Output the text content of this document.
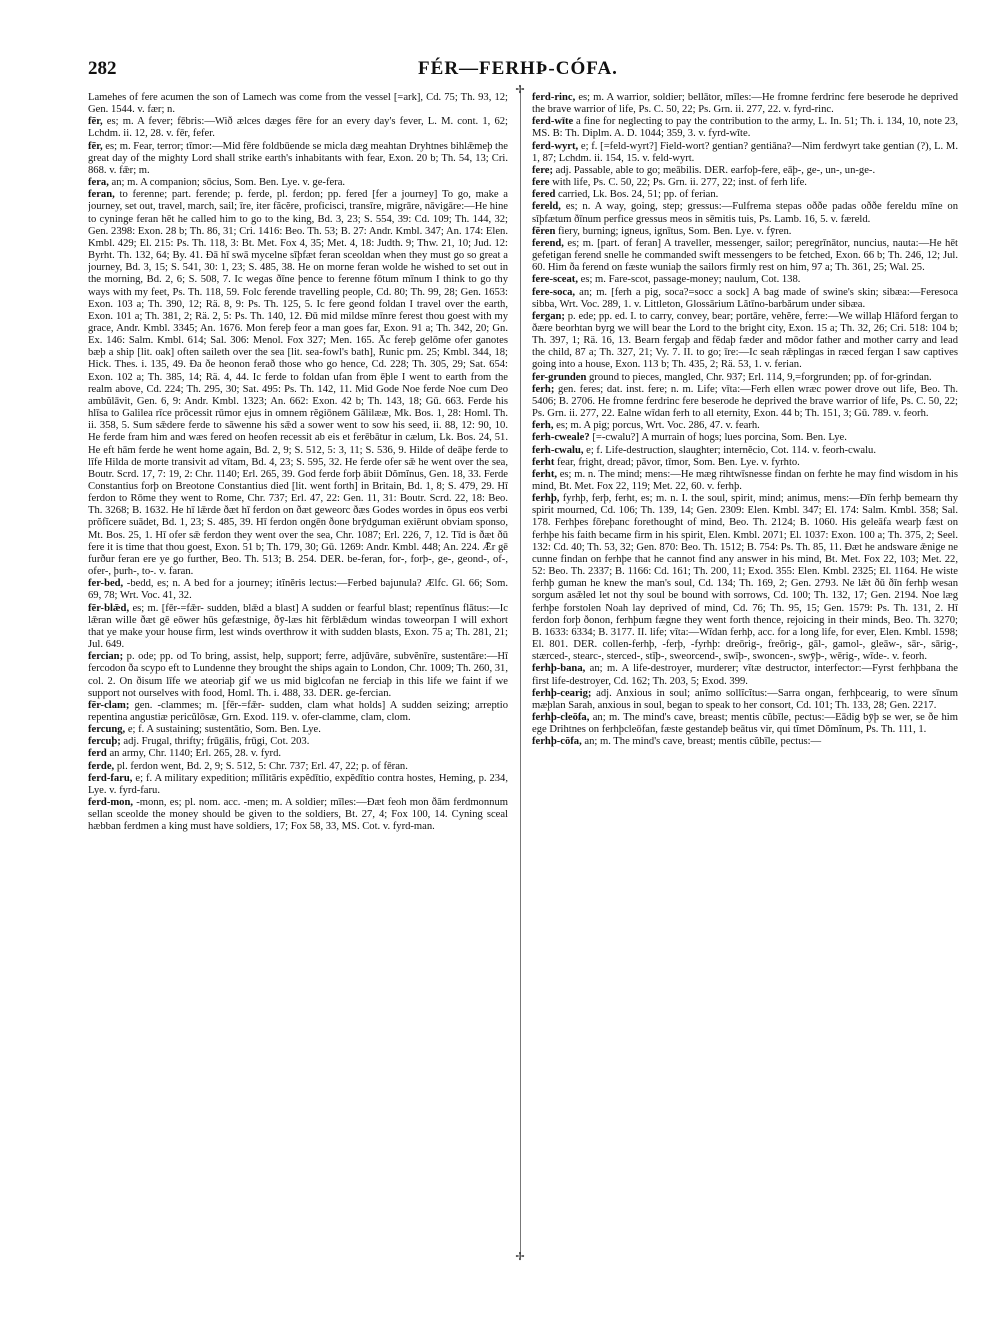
282	FÉR—FERHÞ-CÓFA.
✢
✢

Lamehes of fere acumen the son of Lamech was come from the vessel [=ark], Cd. 75; Th. 93, 12; Gen. 1544. v. fær; n.

fēr, es; m. A fever; fēbris:—Wið ælces dæges fēre for an every day's fever, L. M. cont. 1, 62; Lchdm. ii. 12, 28. v. fēr, fefer.

fēr, es; m. Fear, terror; tīmor:—Mid fēre foldbūende se micla dæg meahtan Dryhtnes bihlǣmeþ the great day of the mighty Lord shall strike earth's inhabitants with fear, Exon. 20 b; Th. 54, 13; Cri. 868. v. fǣr; m.

fera, an; m. A companion; sōcius, Som. Ben. Lye. v. ge-fera.

feran, to ferenne; part. ferende; p. ferde, pl. ferdon; pp. fered [fer a journey] To go, make a journey, set out, travel, march, sail; īre, iter făcĕre, proficisci, transīre, migrāre, nāvigāre:—He hine to cyninge feran hēt he called him to go to the king, Bd. 3, 23; S. 554, 39: Cd. 109; Th. 144, 32; Gen. 2398: Exon. 28 b; Th. 86, 31; Cri. 1416: Beo. Th. 53; B. 27: Andr. Kmbl. 347; An. 174: Elen. Kmbl. 429; El. 215: Ps. Th. 118, 3: Bt. Met. Fox 4, 35; Met. 4, 18: Judth. 9; Thw. 21, 10; Jud. 12: Byrht. Th. 132, 64; By. 41. Ðā hī swā mycelne sīþfæt feran sceoldan when they must go so great a journey, Bd. 3, 15; S. 541, 30: 1, 23; S. 485, 38. He on morne feran wolde he wished to set out in the morning, Bd. 2, 6; S. 508, 7. Ic wegas ðīne þence to ferenne fōtum mīnum I think to go thy ways with my feet, Ps. Th. 118, 59. Folc ferende travelling people, Cd. 80; Th. 99, 28; Gen. 1653: Exon. 103 a; Th. 390, 12; Rä. 8, 9: Ps. Th. 125, 5. Ic fere geond foldan I travel over the earth, Exon. 101 a; Th. 381, 2; Rä. 2, 5: Ps. Th. 140, 12. Ðū mid mildse mīnre ferest thou goest with my grace, Andr. Kmbl. 3345; An. 1676. Mon fereþ feor a man goes far, Exon. 91 a; Th. 342, 20; Gn. Ex. 146: Salm. Kmbl. 614; Sal. 306: Menol. Fox 327; Men. 165. Āc fereþ gelōme ofer ganotes bæþ a ship [lit. oak] often saileth over the sea [lit. sea-fowl's bath], Runic pm. 25; Kmbl. 344, 18; Hick. Thes. i. 135, 49. Ða ðe heonon ferað those who go hence, Cd. 228; Th. 305, 29; Sat. 654: Exon. 102 a; Th. 385, 14; Rä. 4, 44. Ic ferde to foldan ufan from ēþle I went to earth from the realm above, Cd. 224; Th. 295, 30; Sat. 495: Ps. Th. 142, 11. Mid Gode Noe ferde Noe cum Deo ambŭlāvit, Gen. 6, 9: Andr. Kmbl. 1323; An. 662: Exon. 42 b; Th. 143, 18; Gū. 663. Ferde his hlīsa to Galilea rīce prōcessit rūmor ejus in omnem rĕgiōnem Gălilææ, Mk. Bos. 1, 28: Homl. Th. ii. 358, 5. Sum sǣdere ferde to sāwenne his sǣd a sower went to sow his seed, ii. 88, 12: 90, 10. He ferde fram him and wæs fered on heofen recessit ab eis et ferēbātur in cælum, Lk. Bos. 24, 51. He eft hām ferde he went home again, Bd. 2, 9; S. 512, 5: 3, 11; S. 536, 9. Hilde of deāþe ferde to līfe Hilda de morte transivit ad vītam, Bd. 4, 23; S. 595, 32. He ferde ofer sǣ he went over the sea, Boutr. Scrd. 17, 7: 19, 2: Chr. 1140; Erl. 265, 39. God ferde forþ ābiit Dŏmĭnus, Gen. 18, 33. Ferde Constantius forþ on Breotone Constantius died [lit. went forth] in Britain, Bd. 1, 8; S. 479, 29. Hī ferdon to Rōme they went to Rome, Chr. 737; Erl. 47, 22: Gen. 11, 31: Boutr. Scrd. 22, 18: Beo. Th. 3268; B. 1632. He hī lǣrde ðæt hī ferdon on ðæt geweorc ðæs Godes wordes in ŏpus eos verbi prŏfĭcere suādet, Bd. 1, 23; S. 485, 39. Hī ferdon ongēn ðone brȳdguman exiērunt obviam sponso, Mt. Bos. 25, 1. Hī ofer sǣ ferdon they went over the sea, Chr. 1087; Erl. 226, 7, 12. Tīd is ðæt ðū fere it is time that thou goest, Exon. 51 b; Th. 179, 30; Gū. 1269: Andr. Kmbl. 448; An. 224. Ǣr gē furður feran ere ye go further, Beo. Th. 513; B. 254. DER. be-feran, for-, forþ-, ge-, geond-, of-, ofer-, þurh-, to-. v. faran.

fer-bed, -bedd, es; n. A bed for a journey; itĭnĕris lectus:—Ferbed bajunula? Ælfc. Gl. 66; Som. 69, 78; Wrt. Voc. 41, 32.

fēr-blǣd, es; m. [fēr-=fǣr- sudden, blǣd a blast] A sudden or fearful blast; repentīnus flātus:—Ic lǣran wille ðæt gē eōwer hūs gefæstnige, ðȳ-læs hit fērblǣdum windas toweorpan I will exhort that ye make your house firm, lest winds overthrow it with sudden blasts, Exon. 75 a; Th. 281, 21; Jul. 649.

fercian; p. ode; pp. od To bring, assist, help, support; ferre, adjŭvāre, subvĕnīre, sustentāre:—Hī fercodon ða scypo eft to Lundenne they brought the ships again to London, Chr. 1009; Th. 260, 31, col. 2. On ðisum līfe we ateoriaþ gif we us mid biglcofan ne ferciaþ in this life we faint if we support not ourselves with food, Homl. Th. i. 488, 33. DER. ge-fercian.

fēr-clam; gen. -clammes; m. [fēr-=fǣr- sudden, clam what holds] A sudden seizing; arreptio repentina angustiæ pericŭlōsæ, Grn. Exod. 119. v. ofer-clamme, clam, clom.

fercung, e; f. A sustaining; sustentātio, Som. Ben. Lye.

fercuþ; adj. Frugal, thrifty; frūgālis, frūgi, Cot. 203.

ferd an army, Chr. 1140; Erl. 265, 28. v. fyrd.

ferde, pl. ferdon went, Bd. 2, 9; S. 512, 5: Chr. 737; Erl. 47, 22; p. of fēran.

ferd-faru, e; f. A military expedition; mīlitāris expĕdītio, expĕdītio contra hostes, Heming, p. 234, Lye. v. fyrd-faru.

ferd-mon, -monn, es; pl. nom. acc. -men; m. A soldier; mīles:—Ðæt feoh mon ðām ferdmonnum sellan sceolde the money should be given to the soldiers, Bt. 27, 4; Fox 100, 14. Cyning sceal hæbban ferdmen a king must have soldiers, 17; Fox 58, 33, MS. Cot. v. fyrd-man.

ferd-rinc, es; m. A warrior, soldier; bellātor, mīles:—He fromne ferdrinc fere beserode he deprived the brave warrior of life, Ps. C. 50, 22; Ps. Grn. ii. 277, 22. v. fyrd-rinc.

ferd-wīte a fine for neglecting to pay the contribution to the army, L. In. 51; Th. i. 134, 10, note 23, MS. B: Th. Diplm. A. D. 1044; 359, 3. v. fyrd-wīte.

ferd-wyrt, e; f. [=feld-wyrt?] Field-wort? gentian? gentiāna?—Nim ferdwyrt take gentian (?), L. M. 1, 87; Lchdm. ii. 154, 15. v. feld-wyrt.

fere; adj. Passable, able to go; meābilis. DER. earfoþ-fere, eāþ-, ge-, un-, un-ge-.

fere with life, Ps. C. 50, 22; Ps. Grn. ii. 277, 22; inst. of ferh life.

fered carried, Lk. Bos. 24, 51; pp. of ferian.

fereld, es; n. A way, going, step; gressus:—Fulfrema stepas oððe padas oððe fereldu mīne on sīþfætum ðīnum perfice gressus meos in sēmitis tuis, Ps. Lamb. 16, 5. v. færeld.

fēren fiery, burning; igneus, ignītus, Som. Ben. Lye. v. fȳren.

ferend, es; m. [part. of feran] A traveller, messenger, sailor; peregrīnātor, nuncius, nauta:—He hēt gefetigan ferend snelle he commanded swift messengers to be fetched, Exon. 66 b; Th. 246, 12; Jul. 60. Him ða ferend on fæste wuniaþ the sailors firmly rest on him, 97 a; Th. 361, 25; Wal. 25.

fere-sceat, es; m. Fare-scot, passage-money; naulum, Cot. 138.

fere-socа, an; m. [ferh a pig, soca?=socc a sock] A bag made of swine's skin; sibæa:—Feresoca sibba, Wrt. Voc. 289, 1. v. Littleton, Glossārium Lătīno-barbărum under sibæa.

fergan; p. ede; pp. ed. I. to carry, convey, bear; portāre, vehĕre, ferre:—We willaþ Hlāford fergan to ðære beorhtan byrg we will bear the Lord to the bright city, Exon. 15 a; Th. 32, 26; Cri. 518: 104 b; Th. 397, 1; Rä. 16, 13. Bearn fergaþ and fēdaþ fæder and mōdor father and mother carry and lead the child, 87 a; Th. 327, 21; Vy. 7. II. to go; īre:—Ic seah rǣplingas in ræced fergan I saw captives going into a house, Exon. 113 b; Th. 435, 2; Rä. 53, 1. v. ferian.

fer-grunden ground to pieces, mangled, Chr. 937; Erl. 114, 9,=forgrunden; pp. of for-grindan.

ferh; gen. feres; dat. inst. fere; n. m. Life; vīta:—Ferh ellen wræc power drove out life, Beo. Th. 5406; B. 2706. He fromne ferdrinc fere beserode he deprived the brave warrior of life, Ps. C. 50, 22; Ps. Grn. ii. 277, 22. Ealne wīdan ferh to all eternity, Exon. 44 b; Th. 151, 3; Gū. 789. v. feorh.

ferh, es; m. A pig; porcus, Wrt. Voc. 286, 47. v. fearh.

ferh-cwealе? [=-cwalu?] A murrain of hogs; lues porcina, Som. Ben. Lye.

ferh-cwalu, e; f. Life-destruction, slaughter; internĕcio, Cot. 114. v. feorh-cwalu.

ferht fear, fright, dread; pāvor, tīmor, Som. Ben. Lye. v. fyrhto.

ferht, es; m. n. The mind; mens:—He mæg rihtwīsnesse findan on ferhte he may find wisdom in his mind, Bt. Met. Fox 22, 119; Met. 22, 60. v. ferhþ.

ferhþ, fyrhþ, ferþ, ferht, es; m. n. I. the soul, spirit, mind; animus, mens:—Ðīn ferhþ bemearn thy spirit mourned, Cd. 106; Th. 139, 14; Gen. 2309: Elen. Kmbl. 347; El. 174: Salm. Kmbl. 358; Sal. 178. Ferhþes fōreþanc forethought of mind, Beo. Th. 2124; B. 1060. His geleāfa wearþ fæst on ferhþe his faith became firm in his spirit, Elen. Kmbl. 2071; El. 1037: Exon. 100 a; Th. 375, 2; Seel. 132: Cd. 40; Th. 53, 32; Gen. 870: Beo. Th. 1512; B. 754: Ps. Th. 85, 11. Ðæt he andsware ǣnige ne cunne findan on ferhþe that he cannot find any answer in his mind, Bt. Met. Fox 22, 103; Met. 22, 52: Beo. Th. 2337; B. 1166: Cd. 161; Th. 200, 11; Exod. 355: Elen. Kmbl. 2325; El. 1164. He wiste ferhþ guman he knew the man's soul, Cd. 134; Th. 169, 2; Gen. 2793. Ne lǣt ðū ðīn ferhþ wesan sorgum asǣled let not thy soul be bound with sorrows, Cd. 100; Th. 132, 17; Gen. 2194. Noe læg ferhþe forstolen Noah lay deprived of mind, Cd. 76; Th. 95, 15; Gen. 1579: Ps. Th. 131, 2. Hī ferdon forþ ðonon, ferhþum fægne they went forth thence, rejoicing in their minds, Beo. Th. 3270; B. 1633: 6334; B. 3177. II. life; vīta:—Wīdan ferhþ, acc. for a long life, for ever, Elen. Kmbl. 1598; El. 801. DER. collen-ferhþ, -ferþ, -fyrhþ: dreōrig-, freōrig-, gāl-, gamol-, gleāw-, sār-, sārig-, stærced-, stearc-, sterced-, stīþ-, sweorcend-, swīþ-, swoncen-, swȳþ-, wērig-, wīde-. v. feorh.

ferhþ-bana, an; m. A life-destroyer, murderer; vītæ destructor, interfector:—Fyrst ferhþbana the first life-destroyer, Cd. 162; Th. 203, 5; Exod. 399.

ferhþ-cearig; adj. Anxious in soul; anĭmo sollĭcĭtus:—Sarra ongan, ferhþcearig, to were sīnum mæþlan Sarah, anxious in soul, began to speak to her consort, Cd. 101; Th. 133, 28; Gen. 2217.

ferhþ-cleōfa, an; m. The mind's cave, breast; mentis cŭbīle, pectus:—Eādig bȳþ se wer, se ðe him ege Drihtnes on ferhþcleōfan, fæste gestandeþ beātus vir, qui tĭmet Dŏmĭnum, Ps. Th. 111, 1.

ferhþ-cōfa, an; m. The mind's cave, breast; mentis cŭbīle, pectus:—
